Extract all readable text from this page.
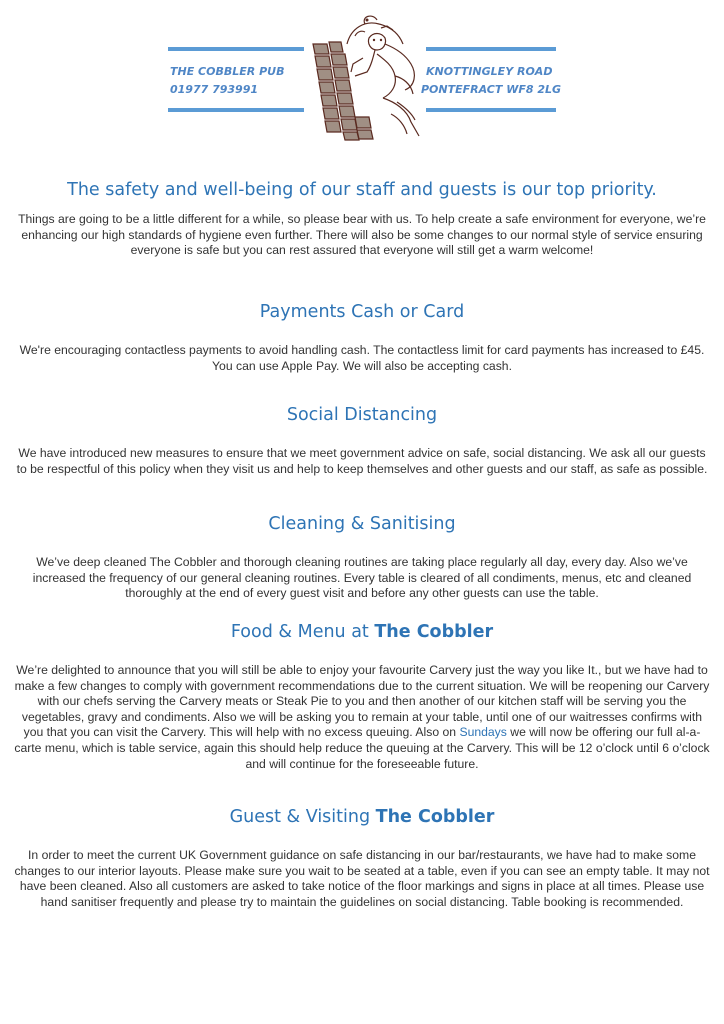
THE COBBLER PUB
01977 793991
KNOTTINGLEY ROAD
PONTEFRACT WF8 2LG
The safety and well-being of our staff and guests is our top priority.

Things are going to be a little different for a while, so please bear with us. To help create a safe environment for everyone, we’re enhancing our high standards of hygiene even further. There will also be some changes to our normal style of service ensuring everyone is safe but you can rest assured that everyone will still get a warm welcome!

Payments Cash or Card

We're encouraging contactless payments to avoid handling cash. The contactless limit for card payments has increased to £45. You can use Apple Pay. We will also be accepting cash.

Social Distancing

We have introduced new measures to ensure that we meet government advice on safe, social distancing. We ask all our guests to be respectful of this policy when they visit us and help to keep themselves and other guests and our staff, as safe as possible.

Cleaning & Sanitising

We’ve deep cleaned The Cobbler and thorough cleaning routines are taking place regularly all day, every day. Also we’ve increased the frequency of our general cleaning routines. Every table is cleared of all condiments, menus, etc and cleaned thoroughly at the end of every guest visit and before any other guests can use the table.

Food & Menu at The Cobbler

We’re delighted to announce that you will still be able to enjoy your favourite Carvery just the way you like It., but we have had to make a few changes to comply with government recommendations due to the current situation. We will be reopening our Carvery with our chefs serving the Carvery meats or Steak Pie to you and then another of our kitchen staff will be serving you the vegetables, gravy and condiments. Also we will be asking you to remain at your table, until one of our waitresses confirms with you that you can visit the Carvery. This will help with no excess queuing. Also on Sundays we will now be offering our full al-a-carte menu, which is table service, again this should help reduce the queuing at the Carvery. This will be 12 o’clock until 6 o’clock and will continue for the foreseeable future.

Guest & Visiting The Cobbler

In order to meet the current UK Government guidance on safe distancing in our bar/restaurants, we have had to make some changes to our interior layouts. Please make sure you wait to be seated at a table, even if you can see an empty table. It may not have been cleaned. Also all customers are asked to take notice of the floor markings and signs in place at all times. Please use hand sanitiser frequently and please try to maintain the guidelines on social distancing. Table booking is recommended.
